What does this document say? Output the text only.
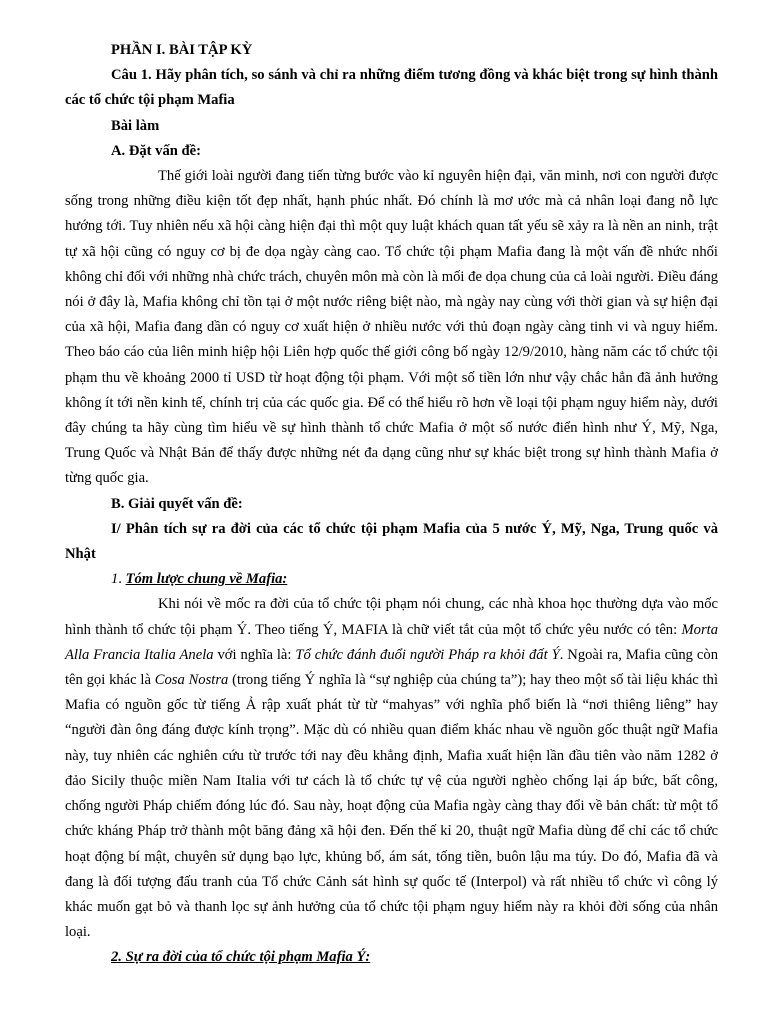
PHẦN I. BÀI TẬP KỲ

Câu 1. Hãy phân tích, so sánh và chỉ ra những điểm tương đồng và khác biệt trong sự hình thành các tổ chức tội phạm Mafia

Bài làm

A. Đặt vấn đề:

Thế giới loài người đang tiến từng bước vào kỉ nguyên hiện đại, văn minh, nơi con người được sống trong những điều kiện tốt đẹp nhất, hạnh phúc nhất. Đó chính là mơ ước mà cả nhân loại đang nỗ lực hướng tới. Tuy nhiên nếu xã hội càng hiện đại thì một quy luật khách quan tất yếu sẽ xảy ra là nền an ninh, trật tự xã hội cũng có nguy cơ bị đe dọa ngày càng cao. Tổ chức tội phạm Mafia đang là một vấn đề nhức nhối không chỉ đối với những nhà chức trách, chuyên môn mà còn là mối đe dọa chung của cả loài người. Điều đáng nói ở đây là, Mafia không chỉ tồn tại ở một nước riêng biệt nào, mà ngày nay cùng với thời gian và sự hiện đại của xã hội, Mafia đang dần có nguy cơ xuất hiện ở nhiều nước với thủ đoạn ngày càng tinh vi và nguy hiểm. Theo báo cáo của liên minh hiệp hội Liên hợp quốc thế giới công bố ngày 12/9/2010, hàng năm các tổ chức tội phạm thu về khoảng 2000 tỉ USD từ hoạt động tội phạm. Với một số tiền lớn như vậy chắc hẳn đã ảnh hưởng không ít tới nền kinh tế, chính trị của các quốc gia. Để có thể hiểu rõ hơn về loại tội phạm nguy hiểm này, dưới đây chúng ta hãy cùng tìm hiểu về sự hình thành tổ chức Mafia ở một số nước điển hình như Ý, Mỹ, Nga, Trung Quốc và Nhật Bản để thấy được những nét đa dạng cũng như sự khác biệt trong sự hình thành Mafia ở từng quốc gia.

B. Giải quyết vấn đề:

I/ Phân tích sự ra đời của các tổ chức tội phạm Mafia của 5 nước Ý, Mỹ, Nga, Trung quốc và Nhật

1. Tóm lược chung về Mafia:

Khi nói về mốc ra đời của tổ chức tội phạm nói chung, các nhà khoa học thường dựa vào mốc hình thành tổ chức tội phạm Ý. Theo tiếng Ý, MAFIA là chữ viết tắt của một tổ chức yêu nước có tên: Morta Alla Francia Italia Anela với nghĩa là: Tổ chức đánh đuổi người Pháp ra khỏi đất Ý. Ngoài ra, Mafia cũng còn tên gọi khác là Cosa Nostra (trong tiếng Ý nghĩa là “sự nghiệp của chúng ta”); hay theo một số tài liệu khác thì Mafia có nguồn gốc từ tiếng Ả rập xuất phát từ từ “mahyas” với nghĩa phổ biến là “nơi thiêng liêng” hay “người đàn ông đáng được kính trọng”. Mặc dù có nhiều quan điểm khác nhau về nguồn gốc thuật ngữ Mafia này, tuy nhiên các nghiên cứu từ trước tới nay đều khẳng định, Mafia xuất hiện lần đầu tiên vào năm 1282 ở đảo Sicily thuộc miền Nam Italia với tư cách là tổ chức tự vệ của người nghèo chống lại áp bức, bất công, chống người Pháp chiếm đóng lúc đó. Sau này, hoạt động của Mafia ngày càng thay đổi về bản chất: từ một tổ chức kháng Pháp trở thành một băng đảng xã hội đen. Đến thế kỉ 20, thuật ngữ Mafia dùng để chỉ các tổ chức hoạt động bí mật, chuyên sử dụng bạo lực, khủng bố, ám sát, tống tiền, buôn lậu ma túy. Do đó, Mafia đã và đang là đối tượng đấu tranh của Tổ chức Cảnh sát hình sự quốc tế (Interpol) và rất nhiều tổ chức vì công lý khác muốn gạt bỏ và thanh lọc sự ảnh hưởng của tổ chức tội phạm nguy hiểm này ra khỏi đời sống của nhân loại.

2. Sự ra đời của tổ chức tội phạm Mafia Ý:
